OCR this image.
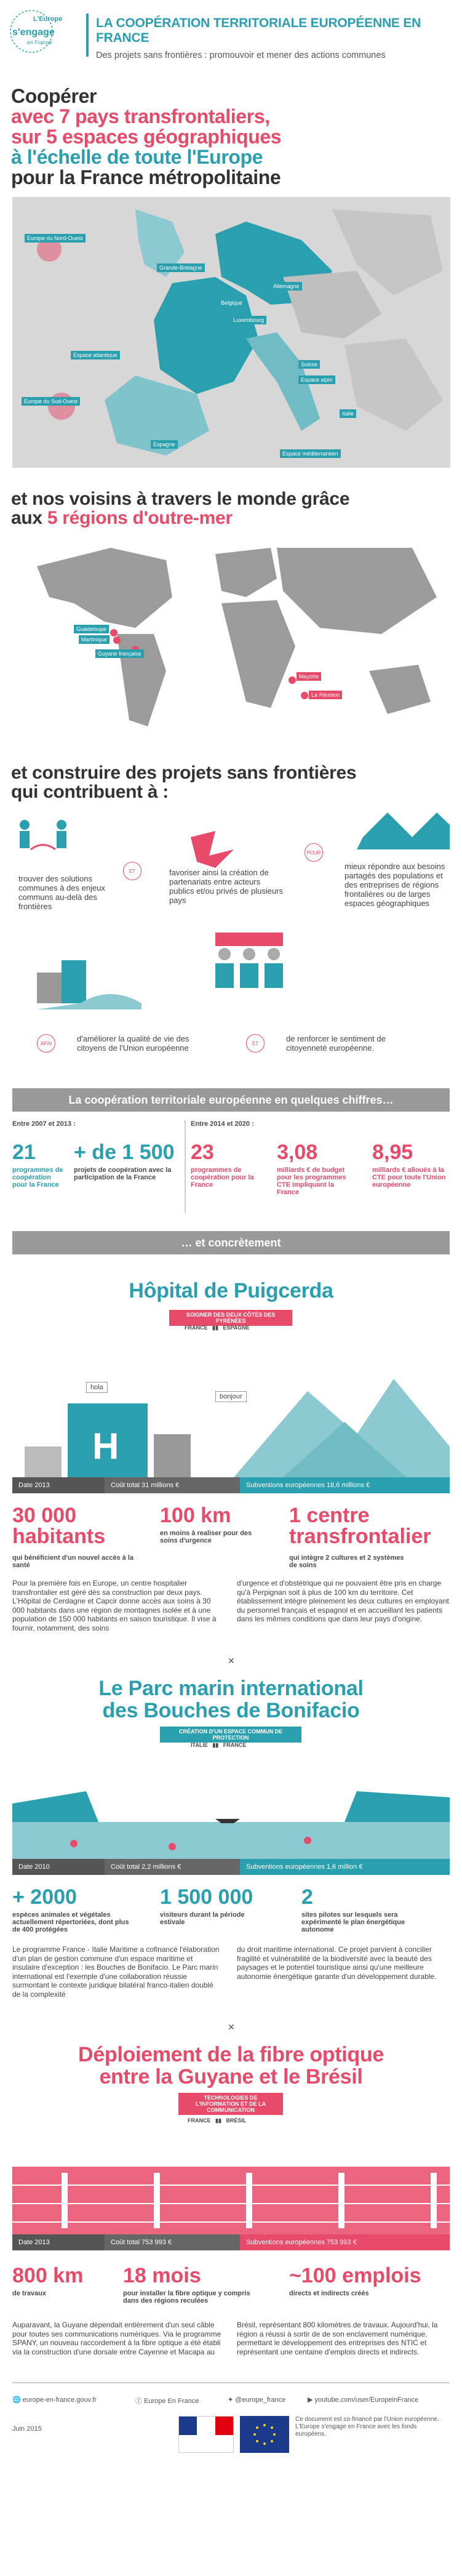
L'Europe
s'engage
en France
LA COOPÉRATION TERRITORIALE EUROPÉENNE EN FRANCE
Des projets sans frontières : promouvoir et mener des actions communes
Coopérer
avec 7 pays transfrontaliers,
sur 5 espaces géographiques
à l'échelle de toute l'Europe
pour la France métropolitaine
Europe du Nord-Ouest
Grande-Bretagne
Allemagne
Belgique
Luxembourg
Suisse
Espace alpin
Espace atlantique
Italie
Europe du Sud-Ouest
Espagne
Espace méditerranéen
et nos voisins à travers le monde grâce
aux 5 régions d'outre-mer
Guadeloupe
Martinique
Guyane française
Mayotte
La Réunion
et construire des projets sans frontières
qui contribuent à :
trouver des solutions communes à des enjeux communs au-delà des frontières
ET	favoriser ainsi la création de partenariats entre acteurs publics et/ou privés de plusieurs pays
POUR
mieux répondre aux besoins partagés des populations et des entreprises de régions frontalières ou de larges espaces géographiques
AFIN	d'améliorer la qualité de vie des citoyens de l'Union européenne	ET	de renforcer le sentiment de citoyenneté européenne.
La coopération territoriale européenne en quelques chiffres…
Entre 2007 et 2013 :	Entre 2014 et 2020 :
21
programmes de coopération pour la France
+ de 1 500
projets de coopération avec la participation de la France
23
programmes de coopération pour la France
3,08
milliards € de budget pour les programmes CTE impliquant la France
8,95
milliards € alloués à la CTE pour toute l'Union européenne
… et concrètement
Hôpital de Puigcerda
SOIGNER DES DEUX CÔTÉS DES PYRÉNÉES
FRANCE   ▮▮   ESPAGNE
H
hola
bonjour
Date 2013	Coût total 31 millions €	Subventions européennes 18,6 millions €
30 000 habitants
qui bénéficient d'un nouvel accès à la santé
100 km
en moins à realiser pour des soins d'urgence
1 centre transfrontalier
qui intègre 2 cultures et 2 systèmes de soins
Pour la première fois en Europe, un centre hospitalier transfrontalier est géré dès sa construction par deux pays. L'Hôpital de Cerdagne et Capcir donne accès aux soins à 30 000 habitants dans une région de montagnes isolée et à une population de 150 000 habitants en saison touristique. Il vise à fournir, notamment, des soins
d'urgence et d'obstétrique qui ne pouvaient être pris en charge qu'à Perpignan soit à plus de 100 km du territoire. Cet établissement intègre pleinement les deux cultures en employant du personnel français et espagnol et en accueillant les patients dans les mêmes conditions que dans leur pays d'origine.
✕
Le Parc marin international
des Bouches de Bonifacio
CRÉATION D'UN ESPACE COMMUN DE PROTECTION
ITALIE   ▮▮   FRANCE
Date 2010	Coût total 2,2 millions €	Subventions européennes 1,6 million €
+ 2000
espèces animales et végétales actuellement répertoriées, dont plus de 400 protégées
1 500 000
visiteurs durant la période estivale
2
sites pilotes sur lesquels sera expérimenté le plan énergétique autonome
Le programme France - Italie Maritime a cofinancé l'élaboration d'un plan de gestion commune d'un espace maritime et insulaire d'exception : les Bouches de Bonifacio. Le Parc marin international est l'exemple d'une collaboration réussie surmontant le contexte juridique bilatéral franco-italien doublé de la complexité
du droit maritime international. Ce projet parvient à concilier fragilité et vulnérabilité de la biodiversité avec la beauté des paysages et le potentiel touristique ainsi qu'une meilleure autonomie énergétique garante d'un développement durable.
✕
Déploiement de la fibre optique
entre la Guyane et le Brésil
TECHNOLOGIES DE L'INFORMATION ET DE LA COMMUNICATION
FRANCE   ▮▮   BRÉSIL
Date 2013	Coût total 753 993 €	Subventions européennes 753 993 €
800 km
de travaux
18 mois
pour installer la fibre optique y compris dans des régions reculées
~100 emplois
directs et indirects créés
Auparavant, la Guyane dépendait entièrement d'un seul câble pour toutes ses communications numériques. Via le programme SPANY, un nouveau raccordement à la fibre optique a été établi via la construction d'une dorsale entre Cayenne et Macapa au
Brésil, représentant 800 kilomètres de travaux. Aujourd'hui, la région a réussi à sortir de de son enclavement numérique, permettant le développement des entreprises des NTIC et représentant une centaine d'emplois directs et indirects.
🌐 europe-en-france.gouv.fr	ⓕ Europe En France	✦ @europe_france	▶ youtube.com/user/EuropeinFrance
Juin 2015
Ce document est co-financé par l'Union européenne. L'Europe s'engage en France avec les fonds européens.
